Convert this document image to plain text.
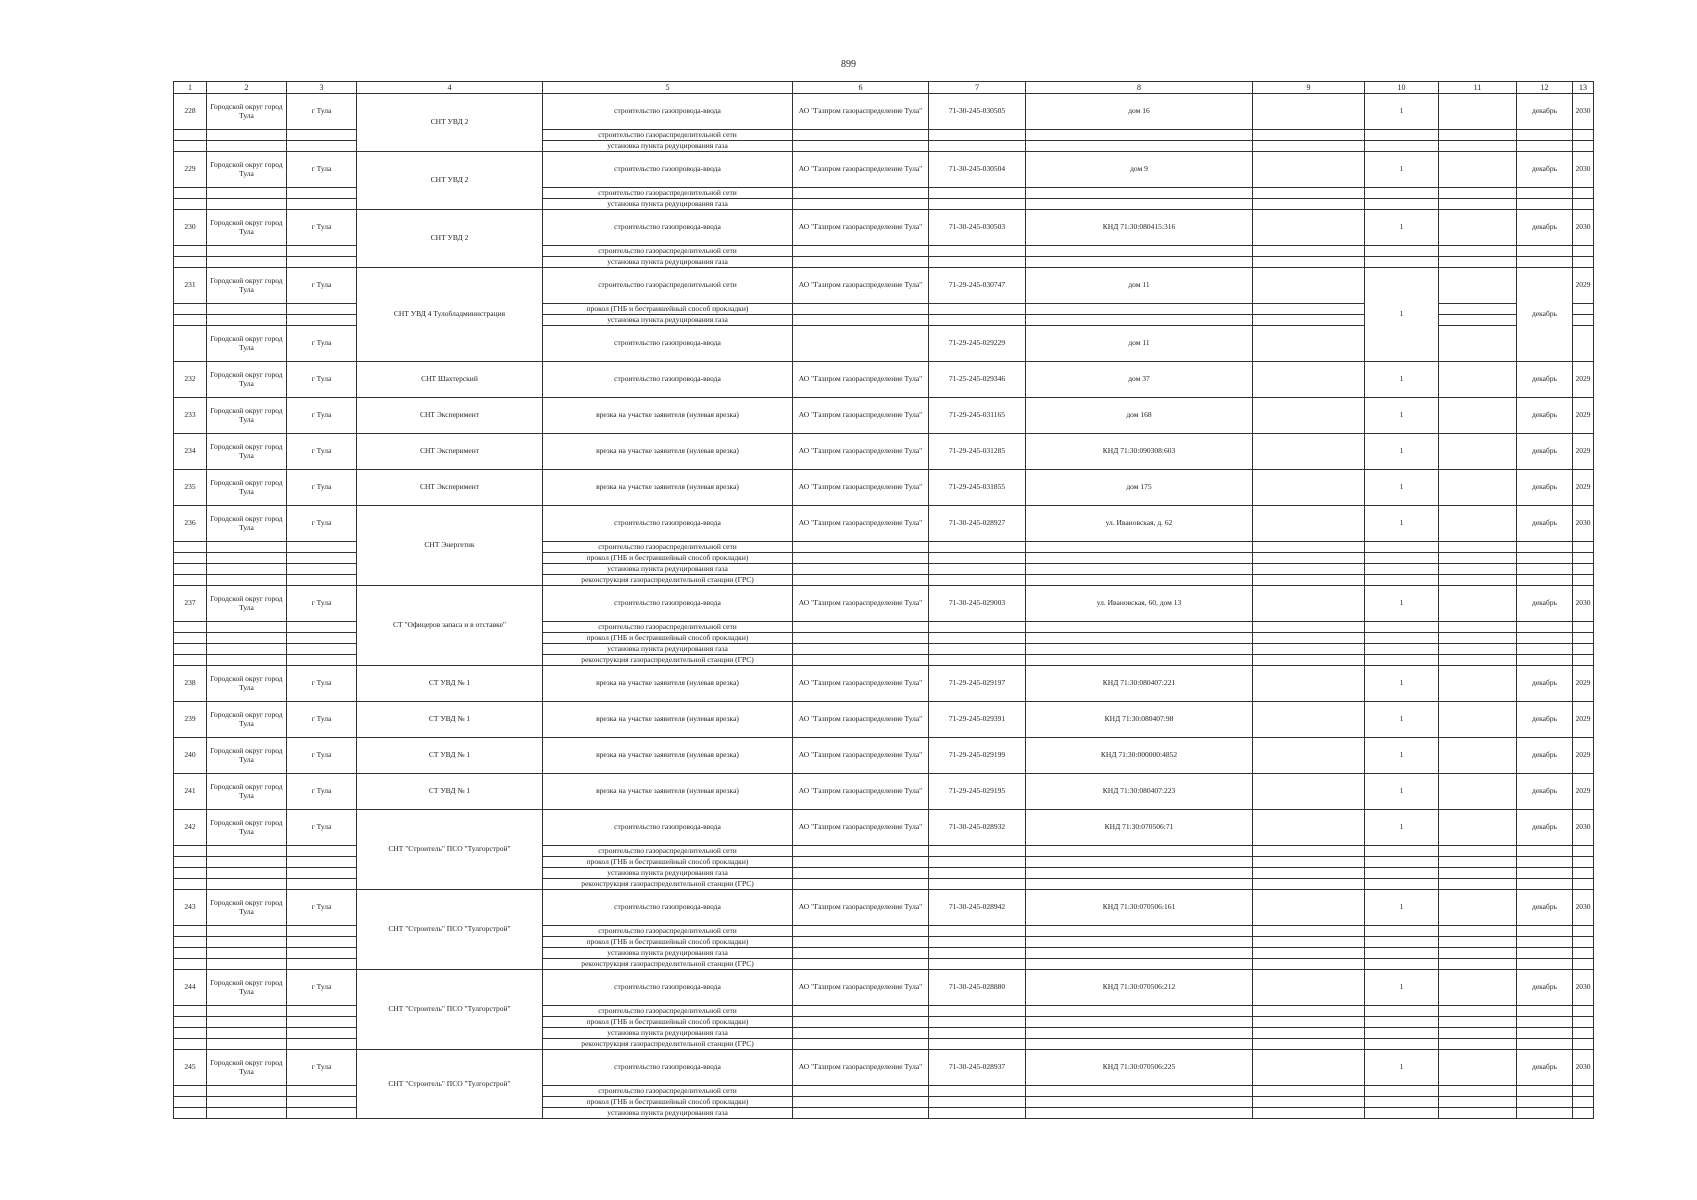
899
1	2	3	4	5	6	7	8	9	10	11	12	13
228	Городской округ город Тула	г Тула	СНТ УВД 2	строительство газопровода-ввода	АО "Газпром газораспределение Тула"	71-30-245-030505	дом 16		1		декабрь	2030
				строительство газораспределительной сети								
				установка пункта редуцирования газа								
229	Городской округ город Тула	г Тула	СНТ УВД 2	строительство газопровода-ввода	АО "Газпром газораспределение Тула"	71-30-245-030504	дом 9		1		декабрь	2030
				строительство газораспределительной сети								
				установка пункта редуцирования газа								
230	Городской округ город Тула	г Тула	СНТ УВД 2	строительство газопровода-ввода	АО "Газпром газораспределение Тула"	71-30-245-030503	КНД 71:30:080415:316		1		декабрь	2030
				строительство газораспределительной сети								
				установка пункта редуцирования газа								
231	Городской округ город Тула	г Тула	СНТ УВД 4 Тулобладминистрация	строительство газораспределительной сети	АО "Газпром газораспределение Тула"	71-29-245-030747	дом 11		1		декабрь	2029
				прокол (ГНБ и бестраншейный способ прокладки)								
				установка пункта редуцирования газа								
	Городской округ город Тула	г Тула		строительство газопровода-ввода		71-29-245-029229	дом 11					
232	Городской округ город Тула	г Тула	СНТ Шахтерский	строительство газопровода-ввода	АО "Газпром газораспределение Тула"	71-25-245-029346	дом 37		1		декабрь	2029
233	Городской округ город Тула	г Тула	СНТ Эксперимент	врезка на участке заявителя (нулевая врезка)	АО "Газпром газораспределение Тула"	71-29-245-031165	дом 168		1		декабрь	2029
234	Городской округ город Тула	г Тула	СНТ Эксперимент	врезка на участке заявителя (нулевая врезка)	АО "Газпром газораспределение Тула"	71-29-245-031285	КНД 71:30:090308:603		1		декабрь	2029
235	Городской округ город Тула	г Тула	СНТ Эксперимент	врезка на участке заявителя (нулевая врезка)	АО "Газпром газораспределение Тула"	71-29-245-031855	дом 175		1		декабрь	2029
236	Городской округ город Тула	г Тула	СНТ Энергетик	строительство газопровода-ввода	АО "Газпром газораспределение Тула"	71-30-245-028927	ул. Ивановская, д. 62		1		декабрь	2030
				строительство газораспределительной сети								
				прокол (ГНБ и бестраншейный способ прокладки)								
				установка пункта редуцирования газа								
				реконструкция газораспределительной станции (ГРС)								
237	Городской округ город Тула	г Тула	СТ "Офицеров запаса и в отставке"	строительство газопровода-ввода	АО "Газпром газораспределение Тула"	71-30-245-029003	ул. Ивановская, 60, дом 13		1		декабрь	2030
				строительство газораспределительной сети								
				прокол (ГНБ и бестраншейный способ прокладки)								
				установка пункта редуцирования газа								
				реконструкция газораспределительной станции (ГРС)								
238	Городской округ город Тула	г Тула	СТ УВД № 1	врезка на участке заявителя (нулевая врезка)	АО "Газпром газораспределение Тула"	71-29-245-029197	КНД 71:30:080407:221		1		декабрь	2029
239	Городской округ город Тула	г Тула	СТ УВД № 1	врезка на участке заявителя (нулевая врезка)	АО "Газпром газораспределение Тула"	71-29-245-029391	КНД 71:30:080407:98		1		декабрь	2029
240	Городской округ город Тула	г Тула	СТ УВД № 1	врезка на участке заявителя (нулевая врезка)	АО "Газпром газораспределение Тула"	71-29-245-029199	КНД 71:30:000000:4852		1		декабрь	2029
241	Городской округ город Тула	г Тула	СТ УВД № 1	врезка на участке заявителя (нулевая врезка)	АО "Газпром газораспределение Тула"	71-29-245-029195	КНД 71:30:080407:223		1		декабрь	2029
242	Городской округ город Тула	г Тула	СНТ "Строитель" ПСО "Тулгорстрой"	строительство газопровода-ввода	АО "Газпром газораспределение Тула"	71-30-245-028932	КНД 71:30:070506:71		1		декабрь	2030
				строительство газораспределительной сети								
				прокол (ГНБ и бестраншейный способ прокладки)								
				установка пункта редуцирования газа								
				реконструкция газораспределительной станции (ГРС)								
243	Городской округ город Тула	г Тула	СНТ "Строитель" ПСО "Тулгорстрой"	строительство газопровода-ввода	АО "Газпром газораспределение Тула"	71-30-245-028942	КНД 71:30:070506:161		1		декабрь	2030
				строительство газораспределительной сети								
				прокол (ГНБ и бестраншейный способ прокладки)								
				установка пункта редуцирования газа								
				реконструкция газораспределительной станции (ГРС)								
244	Городской округ город Тула	г Тула	СНТ "Строитель" ПСО "Тулгорстрой"	строительство газопровода-ввода	АО "Газпром газораспределение Тула"	71-30-245-028880	КНД 71:30:070506:212		1		декабрь	2030
				строительство газораспределительной сети								
				прокол (ГНБ и бестраншейный способ прокладки)								
				установка пункта редуцирования газа								
				реконструкция газораспределительной станции (ГРС)								
245	Городской округ город Тула	г Тула	СНТ "Строитель" ПСО "Тулгорстрой"	строительство газопровода-ввода	АО "Газпром газораспределение Тула"	71-30-245-028937	КНД 71:30:070506:225		1		декабрь	2030
				строительство газораспределительной сети								
				прокол (ГНБ и бестраншейный способ прокладки)								
				установка пункта редуцирования газа								
